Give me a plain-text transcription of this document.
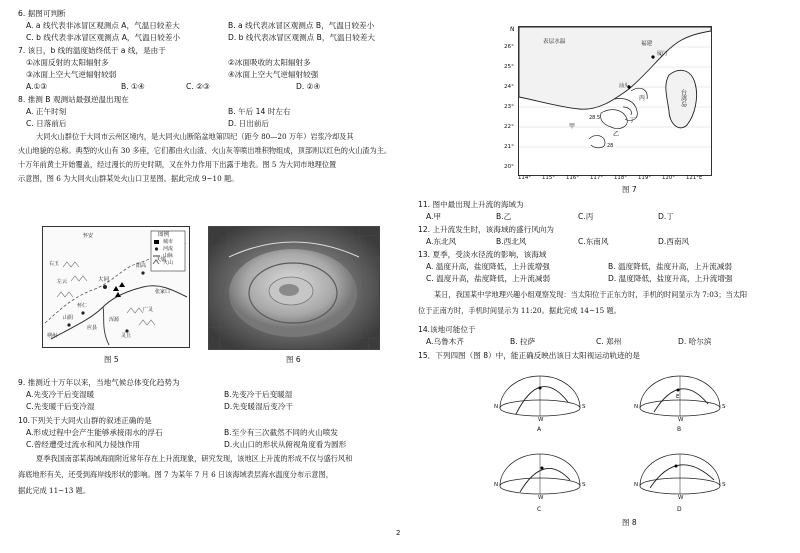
6. 据图可判断
A. a 线代表非冰冒区观测点 A，气温日较差大	B. a 线代表冰冒区观测点 B，气温日较差小
C. b 线代表非冰冒区观测点 A，气温日较差小	D. b 线代表冰冒区观测点 B，气温日较差大
7. 该日，b 线的温度始终低于 a 线，是由于
①冰面反射的太阳辐射多	②冰面吸收的太阳辐射多
③冰面上空大气逆辐射较弱	④冰面上空大气逆辐射较强
A.①③	B. ①④	C. ②③	D. ②④
8. 推测 B 观测站最强逆温出现在
A. 正午时刻	B. 午后 14 时左右
C. 日落前后	D. 日出前后
大同火山群位于大同市云州区境内，是大同火山断陷盆地第四纪（距今 80—20 万年）岩浆冷却及其
火山地貌的总称。典型的火山有 30 多座，它们都由火山渣、火山灰等喷出堆积物组成，顶部则以红色的火山渣为主。
十万年前黄土开始覆盖，经过漫长的历史时期，又在外力作用下出露于地表。图 5 为大同市地理位置
示意图，图 6 为大同火山群某处火山口卫星图。据此完成 9~10 题。
图例
城市
河流
山脉
火山
大同
阳高
天镇
灵丘
广灵
浑源
怀仁
山阴
应县
左云
右玉
朔州
张家口
怀安
图 5	图 6
9. 推测近十万年以来，当地气候总体变化趋势为
A.先变冷干后变湿暖	B.先变冷干后变暖湿
C.先变暖干后变冷湿	D.先变暖湿后变冷干
10.下列关于大同火山群的叙述正确的是
A.形成过程中会产生能够承接雨水的浮石	B.至少有三次截然不同的火山喷发
C.曾经遭受过流水和风力侵蚀作用	D.火山口的形状从俯视角度看为圆形
夏季我国南部某海域海面附近常年存在上升流现象，研究发现，该地区上升流的形成不仅与盛行风和
海底地形有关，还受到海岸线形状的影响。图 7 为某年 7 月 6 日该海域表层海水温度分布示意图，
据此完成 11~13 题。
表层水温	福建
台湾岛
厦门
汕头
甲
乙
丙
丁
28.5
28
N
26°
25°
24°
23°
22°
21°
20°
114° 115° 116° 117° 118° 119° 120° 121°E
图 7
11. 图中最出现上升流的海域为
A.甲	B.乙	C.丙	D.丁
12. 上升流发生时，该海域的盛行风向为
A.东北风	B.西北风	C.东南风	D.西南风
13. 夏季，受淡水径流的影响，该海域
A. 温度升高，盐度降低，上升流增强	B. 温度降低，盐度升高，上升流减弱
C. 温度升高，盐度降低，上升流减弱	D. 温度降低，盐度升高，上升流增强
某日，我国某中学地理兴趣小组观察发现：当太阳位于正东方时，手机的时间显示为 7:03；当太阳
位于正南方时，手机时间显示为 11:20。据此完成 14~15 题。
14.该地可能位于
A.乌鲁木齐	B. 拉萨	C. 郑州	D. 哈尔滨
15．下列四图（图 8）中，能正确反映出该日太阳视运动轨迹的是
N	S
W
N	S
E
W
N	S
W
N	S
W
A	B
C	D
图 8
2
